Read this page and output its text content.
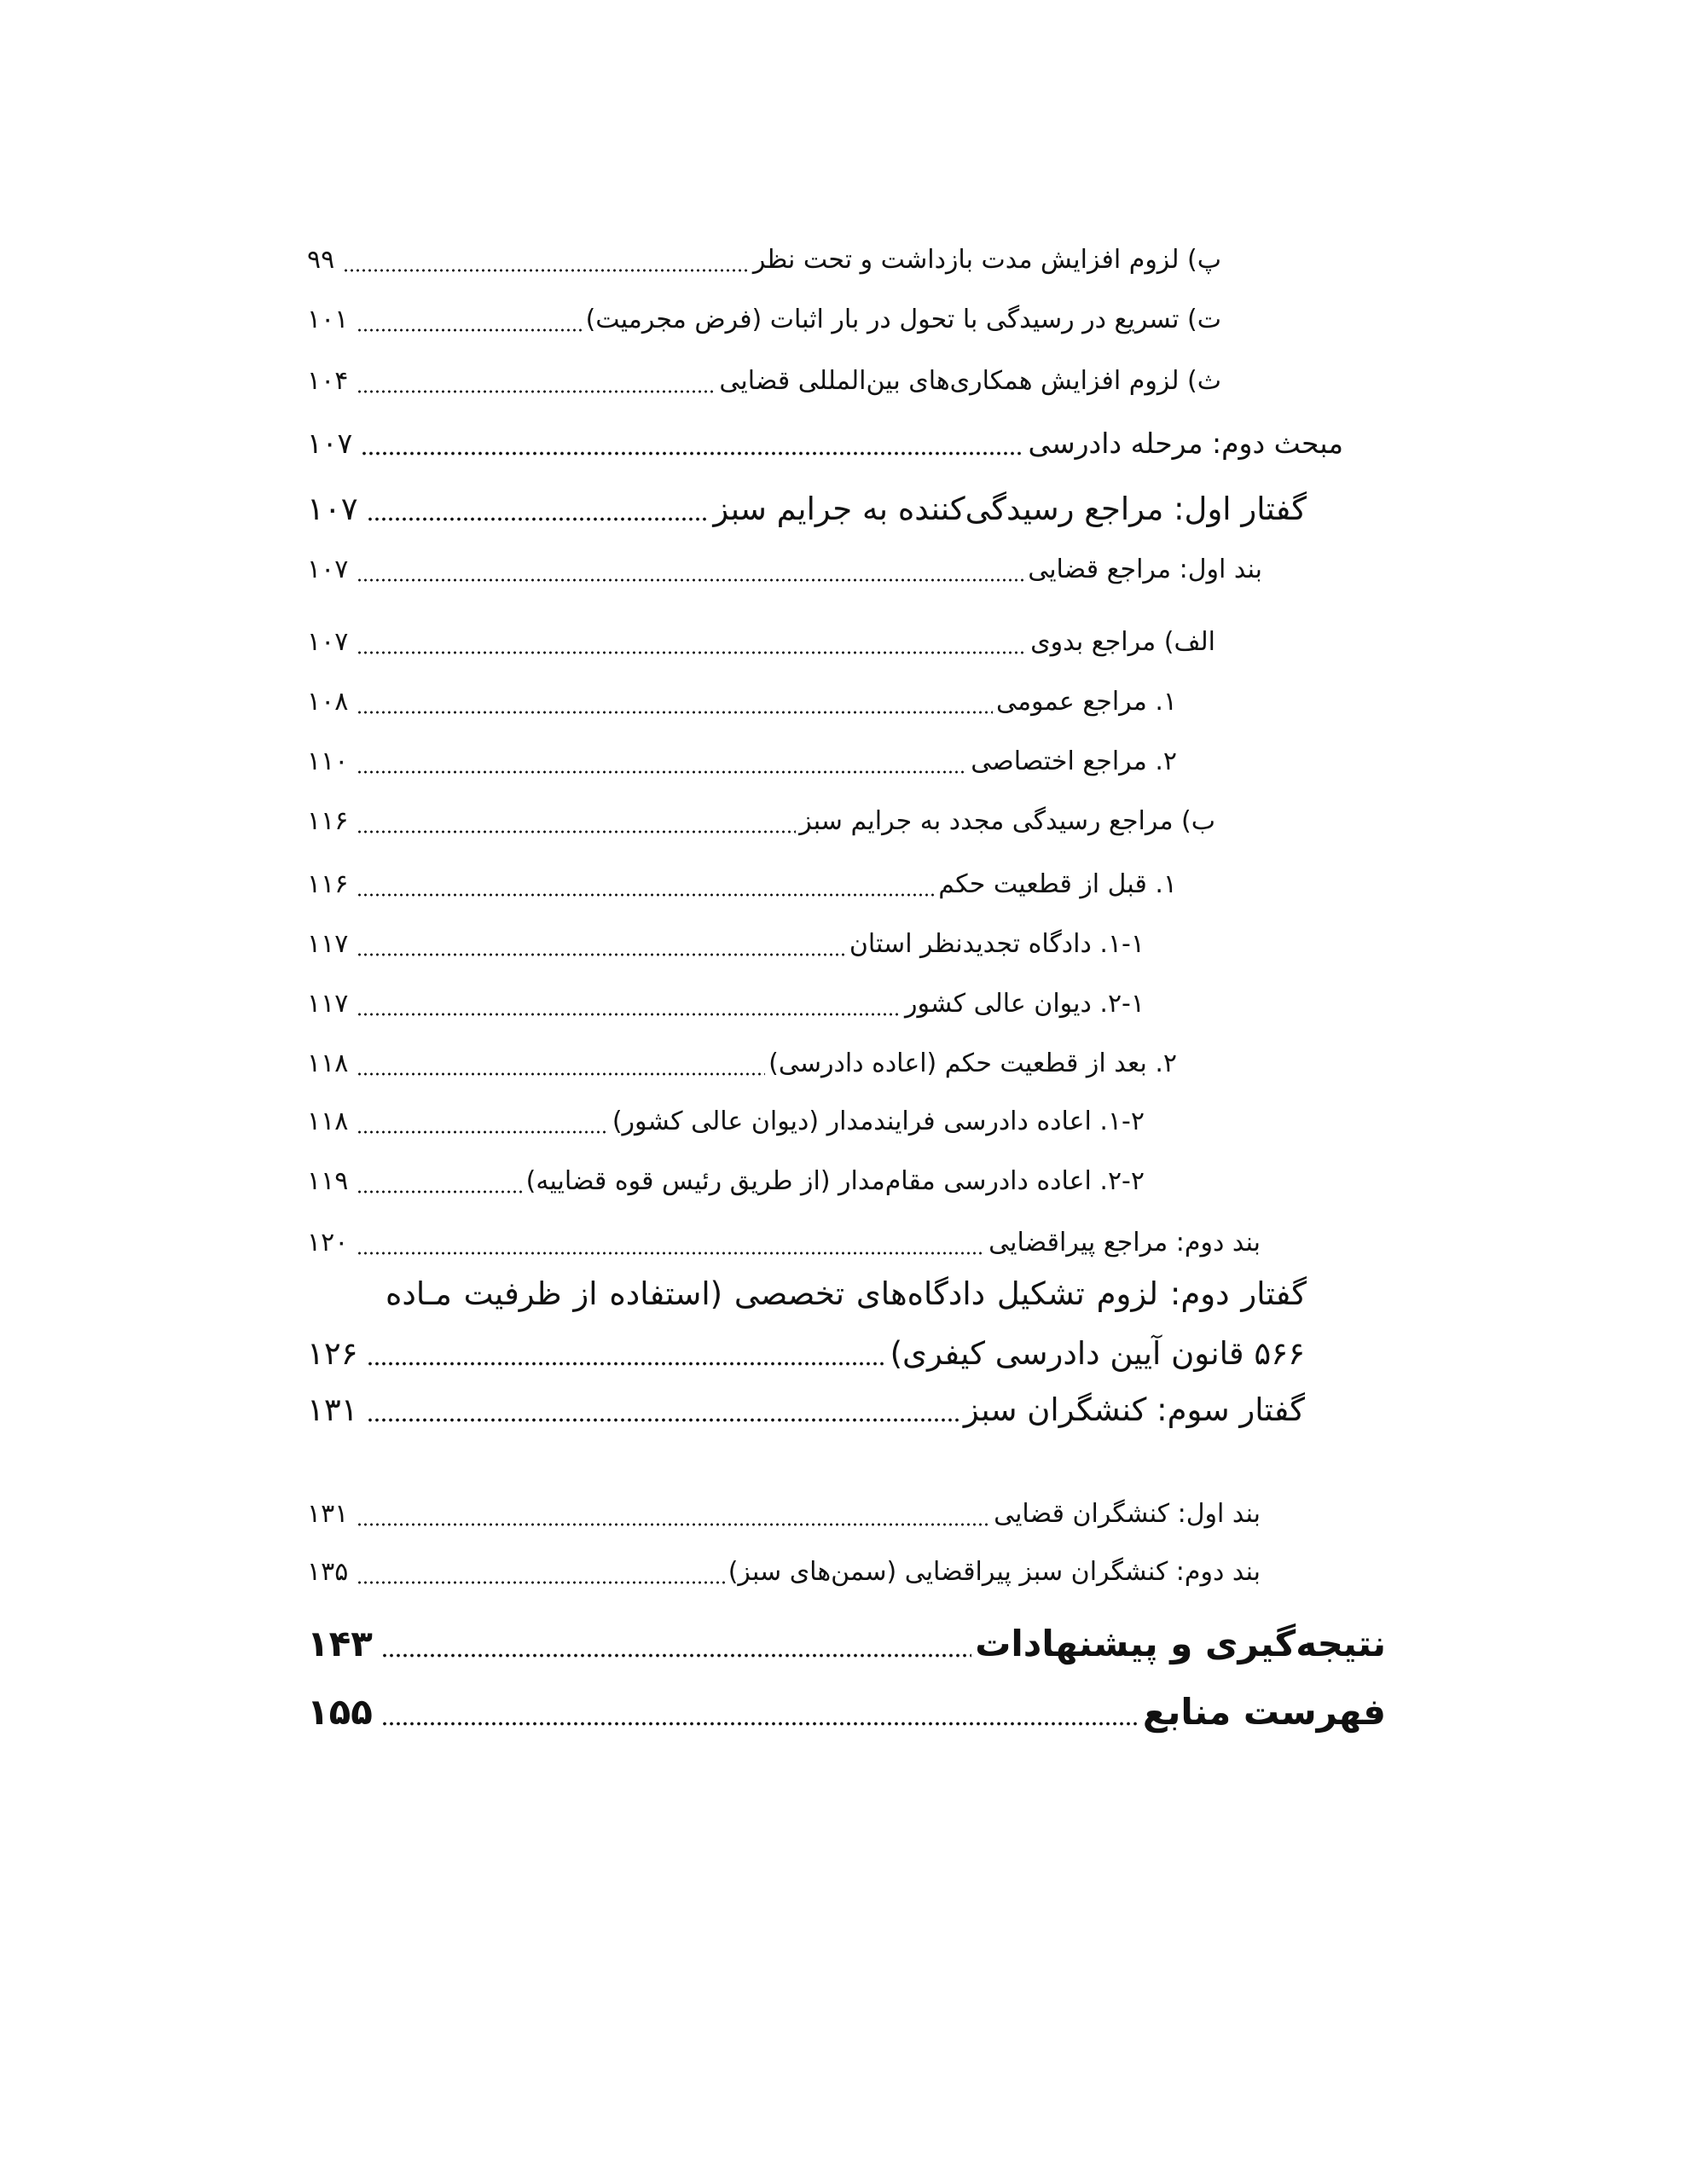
۹۹	پ) لزوم افزایش مدت بازداشت و تحت نظر
۱۰۱	ت) تسریع در رسیدگی با تحول در بار اثبات (فرض مجرمیت)
۱۰۴	ث) لزوم افزایش همکاری‌های بین‌المللی قضایی
۱۰۷	مبحث دوم: مرحله دادرسی
۱۰۷	گفتار اول: مراجع رسیدگی‌کننده به جرایم سبز
۱۰۷	بند اول: مراجع قضایی
۱۰۷	الف) مراجع بدوی
۱۰۸	۱. مراجع عمومی
۱۱۰	۲. مراجع اختصاصی
۱۱۶	ب) مراجع رسیدگی مجدد به جرایم سبز
۱۱۶	۱. قبل از قطعیت حکم
۱۱۷	۱-۱. دادگاه تجدیدنظر استان
۱۱۷	۲-۱. دیوان عالی کشور
۱۱۸	۲. بعد از قطعیت حکم (اعاده دادرسی)
۱۱۸	۱-۲. اعاده دادرسی فرایندمدار (دیوان عالی کشور)
۱۱۹	۲-۲. اعاده دادرسی مقام‌مدار (از طریق رئیس قوه قضاییه)
۱۲۰	بند دوم: مراجع پیراقضایی
گفتار دوم: لزوم تشکیل دادگاه‌های تخصصی (استفاده از ظرفیت مـاده
۱۲۶	۵۶۶ قانون آیین دادرسی کیفری)
۱۳۱	گفتار سوم: کنشگران سبز
۱۳۱	بند اول: کنشگران قضایی
۱۳۵	بند دوم: کنشگران سبز پیراقضایی (سمن‌های سبز)
۱۴۳	نتیجه‌گیری و پیشنهادات
۱۵۵	فهرست منابع
